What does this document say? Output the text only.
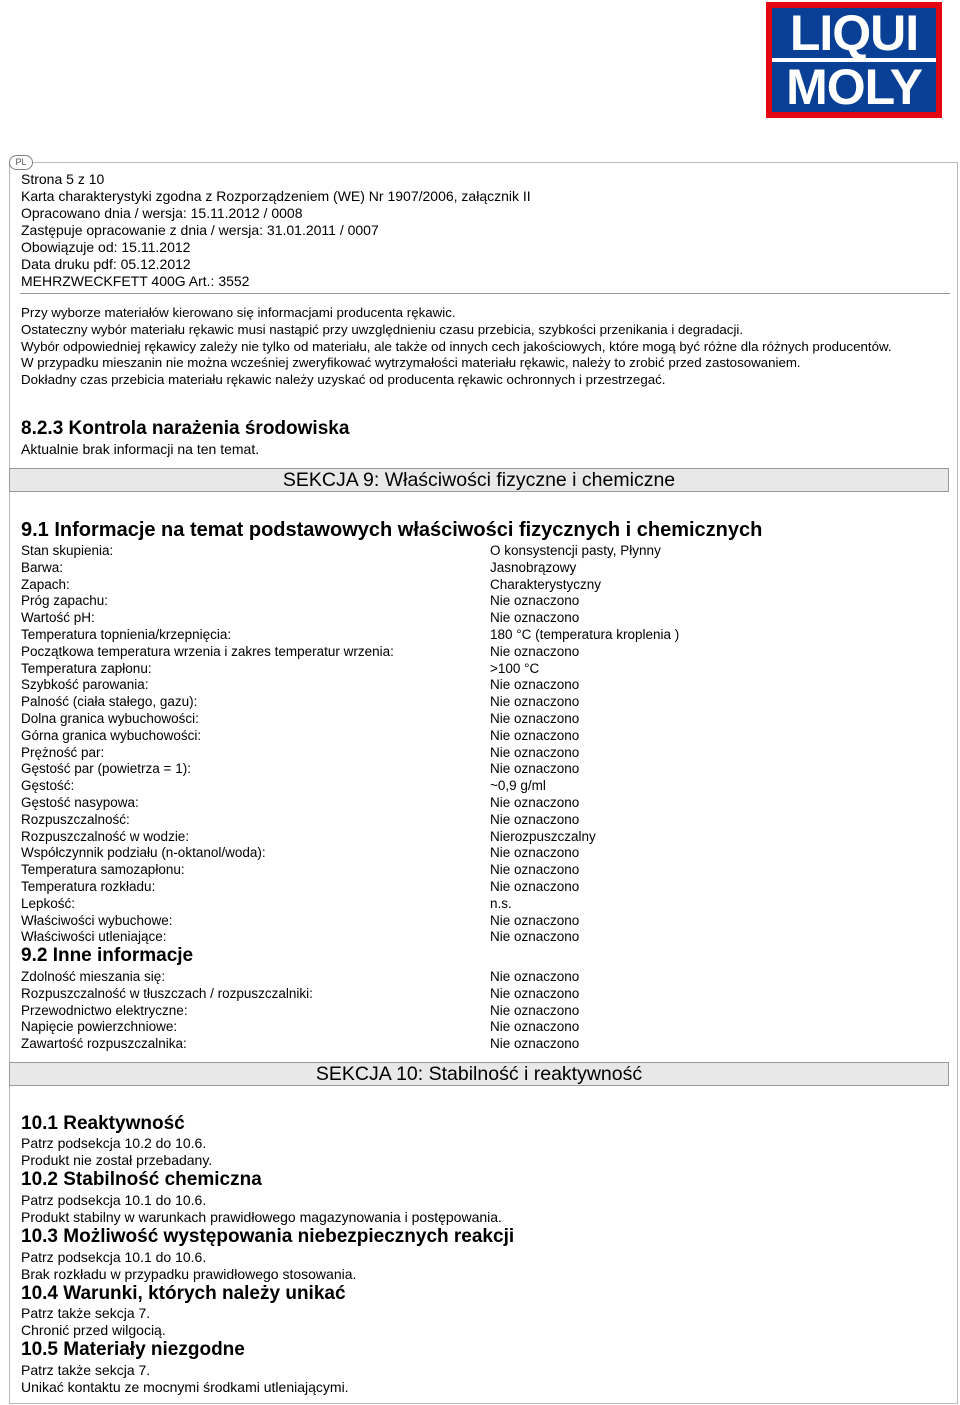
LIQUI
MOLY
PL
Strona 5 z 10
Karta charakterystyki zgodna z Rozporządzeniem (WE) Nr 1907/2006, załącznik II
Opracowano dnia / wersja: 15.11.2012 / 0008
Zastępuje opracowanie z dnia / wersja: 31.01.2011 / 0007
Obowiązuje od: 15.11.2012
Data druku pdf: 05.12.2012
MEHRZWECKFETT 400G Art.: 3552

Przy wyborze materiałów kierowano się informacjami producenta rękawic.

Ostateczny wybór materiału rękawic musi nastąpić przy uwzględnieniu czasu przebicia, szybkości przenikania i degradacji.

Wybór odpowiedniej rękawicy zależy nie tylko od materiału, ale także od innych cech jakościowych, które mogą być różne dla różnych producentów.

W przypadku mieszanin nie można wcześniej zweryfikować wytrzymałości materiału rękawic, należy to zrobić przed zastosowaniem.

Dokładny czas przebicia materiału rękawic należy uzyskać od producenta rękawic ochronnych i przestrzegać.

8.2.3 Kontrola narażenia środowiska
Aktualnie brak informacji na ten temat.
SEKCJA 9: Właściwości fizyczne i chemiczne
9.1 Informacje na temat podstawowych właściwości fizycznych i chemicznych
Stan skupienia:	O konsystencji pasty, Płynny
Barwa:	Jasnobrązowy
Zapach:	Charakterystyczny
Próg zapachu:	Nie oznaczono
Wartość pH:	Nie oznaczono
Temperatura topnienia/krzepnięcia:	180 °C (temperatura kroplenia )
Początkowa temperatura wrzenia i zakres temperatur wrzenia:	Nie oznaczono
Temperatura zapłonu:	>100 °C
Szybkość parowania:	Nie oznaczono
Palność (ciała stałego, gazu):	Nie oznaczono
Dolna granica wybuchowości:	Nie oznaczono
Górna granica wybuchowości:	Nie oznaczono
Prężność par:	Nie oznaczono
Gęstość par (powietrza = 1):	Nie oznaczono
Gęstość:	~0,9 g/ml
Gęstość nasypowa:	Nie oznaczono
Rozpuszczalność:	Nie oznaczono
Rozpuszczalność w wodzie:	Nierozpuszczalny
Współczynnik podziału (n-oktanol/woda):	Nie oznaczono
Temperatura samozapłonu:	Nie oznaczono
Temperatura rozkładu:	Nie oznaczono
Lepkość:	n.s.
Właściwości wybuchowe:	Nie oznaczono
Właściwości utleniające:	Nie oznaczono
9.2 Inne informacje
Zdolność mieszania się:	Nie oznaczono
Rozpuszczalność w tłuszczach / rozpuszczalniki:	Nie oznaczono
Przewodnictwo elektryczne:	Nie oznaczono
Napięcie powierzchniowe:	Nie oznaczono
Zawartość rozpuszczalnika:	Nie oznaczono
SEKCJA 10: Stabilność i reaktywność
10.1 Reaktywność
Patrz podsekcja 10.2 do 10.6.
Produkt nie został przebadany.
10.2 Stabilność chemiczna
Patrz podsekcja 10.1 do 10.6.
Produkt stabilny w warunkach prawidłowego magazynowania i postępowania.
10.3 Możliwość występowania niebezpiecznych reakcji
Patrz podsekcja 10.1 do 10.6.
Brak rozkładu w przypadku prawidłowego stosowania.
10.4 Warunki, których należy unikać
Patrz także sekcja 7.
Chronić przed wilgocią.
10.5 Materiały niezgodne
Patrz także sekcja 7.
Unikać kontaktu ze mocnymi środkami utleniającymi.
